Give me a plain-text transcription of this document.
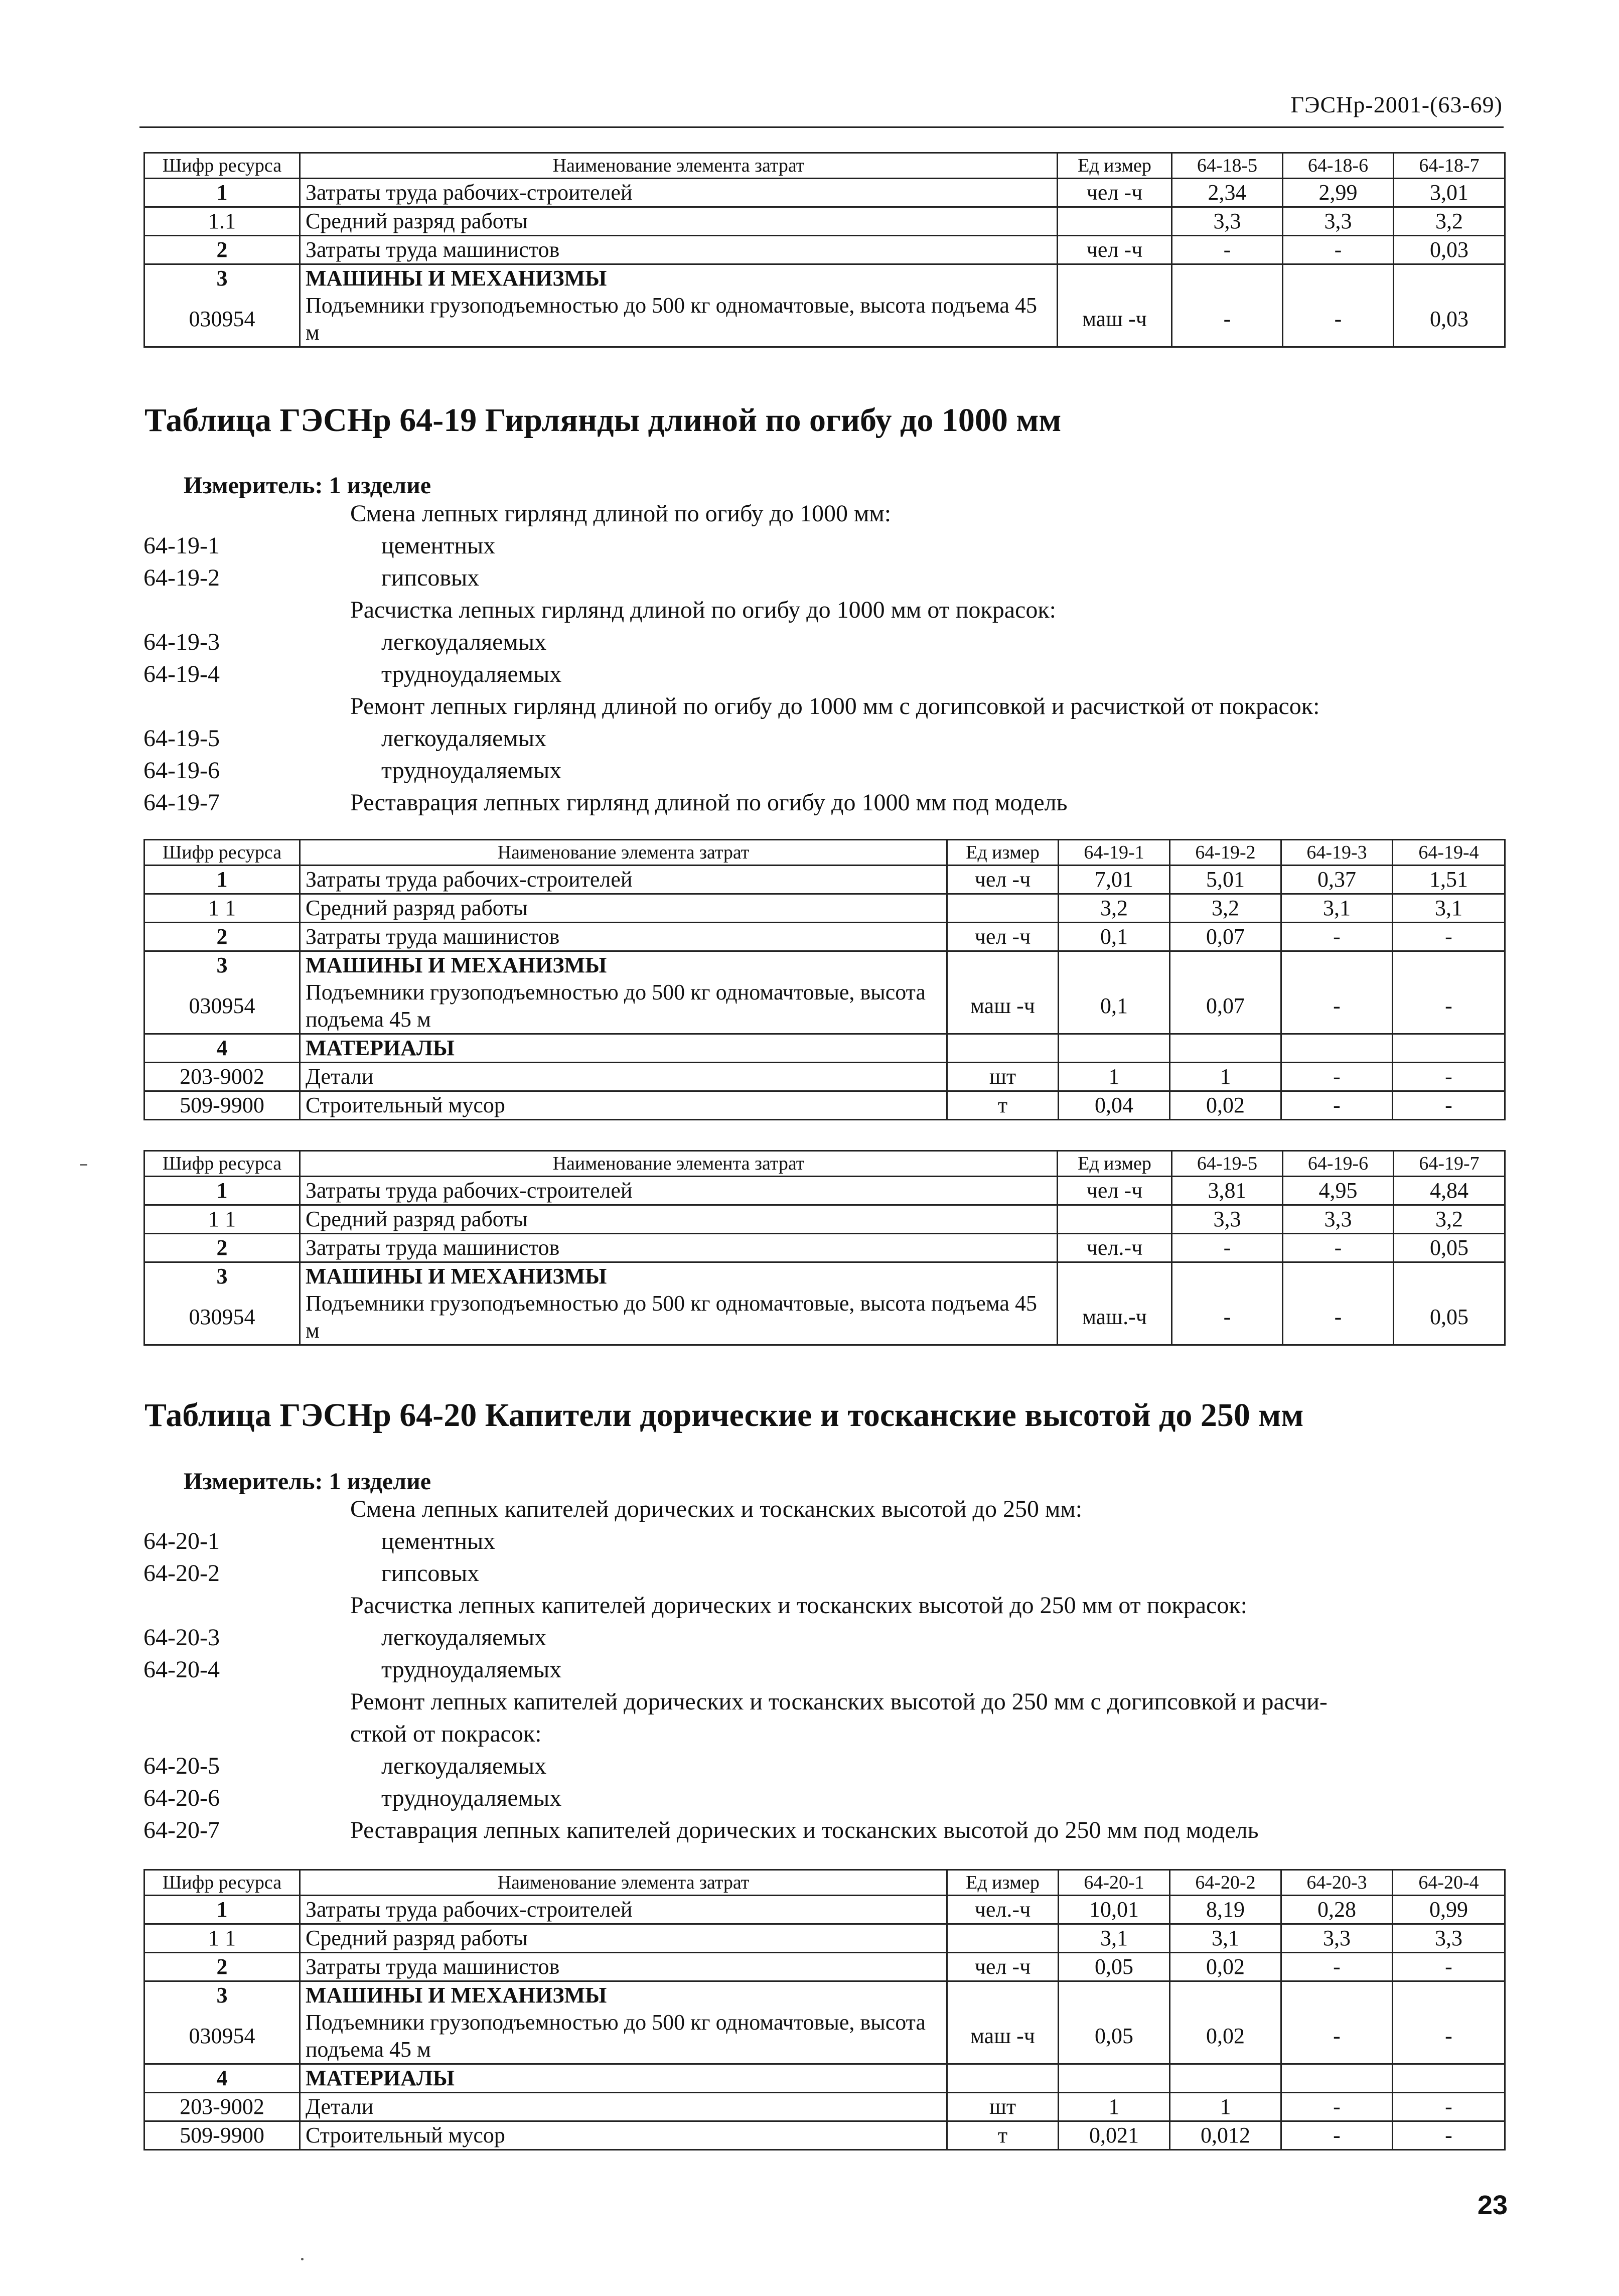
ГЭСНр-2001-(63-69)
Шифр ресурса	Наименование элемента затрат	Ед измер	64-18-5	64-18-6	64-18-7
1	Затраты труда рабочих-строителей	чел -ч	2,34	2,99	3,01
1.1	Средний разряд работы		3,3	3,3	3,2
2	Затраты труда машинистов	чел -ч	-	-	0,03
3	МАШИНЫ И МЕХАНИЗМЫ				
030954	Подъемники грузоподъемностью до 500 кг одномачтовые, высота подъема 45 м	маш -ч	-	-	0,03
Таблица ГЭСНр 64-19 Гирлянды длиной по огибу до 1000 мм
Измеритель: 1 изделие
Смена лепных гирлянд длиной по огибу до 1000 мм:
64-19-1	цементных
64-19-2	гипсовых
Расчистка лепных гирлянд длиной по огибу до 1000 мм от покрасок:
64-19-3	легкоудаляемых
64-19-4	трудноудаляемых
Ремонт лепных гирлянд длиной по огибу до 1000 мм с догипсовкой и расчисткой от покрасок:
64-19-5	легкоудаляемых
64-19-6	трудноудаляемых
64-19-7	Реставрация лепных гирлянд длиной по огибу до 1000 мм под модель
Шифр ресурса	Наименование элемента затрат	Ед измер	64-19-1	64-19-2	64-19-3	64-19-4
1	Затраты труда рабочих-строителей	чел -ч	7,01	5,01	0,37	1,51
1 1	Средний разряд работы		3,2	3,2	3,1	3,1
2	Затраты труда машинистов	чел -ч	0,1	0,07	-	-
3	МАШИНЫ И МЕХАНИЗМЫ					
030954	Подъемники грузоподъемностью до 500 кг одномачтовые, высота подъема 45 м	маш -ч	0,1	0,07	-	-
4	МАТЕРИАЛЫ					
203-9002	Детали	шт	1	1	-	-
509-9900	Строительный мусор	т	0,04	0,02	-	-
Шифр ресурса	Наименование элемента затрат	Ед измер	64-19-5	64-19-6	64-19-7
1	Затраты труда рабочих-строителей	чел -ч	3,81	4,95	4,84
1 1	Средний разряд работы		3,3	3,3	3,2
2	Затраты труда машинистов	чел.-ч	-	-	0,05
3	МАШИНЫ И МЕХАНИЗМЫ				
030954	Подъемники грузоподъемностью до 500 кг одномачтовые, высота подъема 45 м	маш.-ч	-	-	0,05
Таблица ГЭСНр 64-20 Капители дорические и тосканские высотой до 250 мм
Измеритель: 1 изделие
Смена лепных капителей дорических и тосканских высотой до 250 мм:
64-20-1	цементных
64-20-2	гипсовых
Расчистка лепных капителей дорических и тосканских высотой до 250 мм от покрасок:
64-20-3	легкоудаляемых
64-20-4	трудноудаляемых
Ремонт лепных капителей дорических и тосканских высотой до 250 мм с догипсовкой и расчи-
сткой от покрасок:
64-20-5	легкоудаляемых
64-20-6	трудноудаляемых
64-20-7	Реставрация лепных капителей дорических и тосканских высотой до 250 мм под модель
Шифр ресурса	Наименование элемента затрат	Ед измер	64-20-1	64-20-2	64-20-3	64-20-4
1	Затраты труда рабочих-строителей	чел.-ч	10,01	8,19	0,28	0,99
1 1	Средний разряд работы		3,1	3,1	3,3	3,3
2	Затраты труда машинистов	чел -ч	0,05	0,02	-	-
3	МАШИНЫ И МЕХАНИЗМЫ					
030954	Подъемники грузоподъемностью до 500 кг одномачтовые, высота подъема 45 м	маш -ч	0,05	0,02	-	-
4	МАТЕРИАЛЫ					
203-9002	Детали	шт	1	1	-	-
509-9900	Строительный мусор	т	0,021	0,012	-	-
23
